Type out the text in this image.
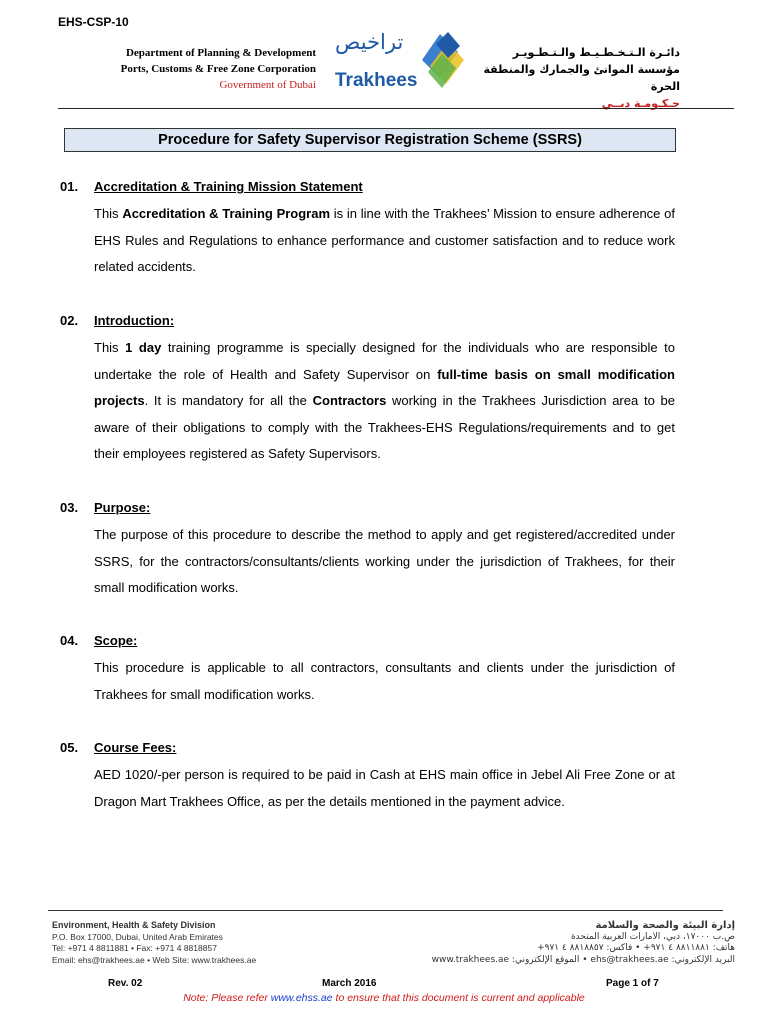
EHS-CSP-10
Department of Planning & Development
Ports, Customs & Free Zone Corporation
Government of Dubai
تراخيص
Trakhees
دائـرة الـتـخـطـيـط والـتـطـويـر
مؤسسة الموانئ والجمارك والمنطقة الحرة
حـكـومـة دبــي
Procedure for Safety Supervisor Registration Scheme (SSRS)
01. Accreditation & Training Mission Statement
This Accreditation & Training Program is in line with the Trakhees’ Mission to ensure adherence of EHS Rules and Regulations to enhance performance and customer satisfaction and to reduce work related accidents.
02. Introduction:
This 1 day training programme is specially designed for the individuals who are responsible to undertake the role of Health and Safety Supervisor on full-time basis on small modification projects. It is mandatory for all the Contractors working in the Trakhees Jurisdiction area to be aware of their obligations to comply with the Trakhees-EHS Regulations/requirements and to get their employees registered as Safety Supervisors.
03. Purpose:
The purpose of this procedure to describe the method to apply and get registered/accredited under SSRS, for the contractors/consultants/clients working under the jurisdiction of Trakhees, for their small modification works.
04. Scope:
This procedure is applicable to all contractors, consultants and clients under the jurisdiction of Trakhees for small modification works.
05. Course Fees:
AED 1020/-per person is required to be paid in Cash at EHS main office in Jebel Ali Free Zone or at Dragon Mart Trakhees Office, as per the details mentioned in the payment advice.
Environment, Health & Safety Division
P.O. Box 17000, Dubai, United Arab Emirates
Tel: +971 4 8811881 • Fax: +971 4 8818857
Email: ehs@trakhees.ae • Web Site: www.trakhees.ae
إدارة البيئة والصحة والسلامة
ص.ب ١٧٠٠٠، دبي، الامارات العربية المتحدة
هاتف: ٨٨١١٨٨١ ٤ ٩٧١+ • فاكس: ٨٨١٨٨٥٧ ٤ ٩٧١+
البريد الإلكتروني: ehs@trakhees.ae • الموقع الإلكتروني: www.trakhees.ae
Rev. 02	March 2016	Page 1 of 7
Note: Please refer www.ehss.ae to ensure that this document is current and applicable
